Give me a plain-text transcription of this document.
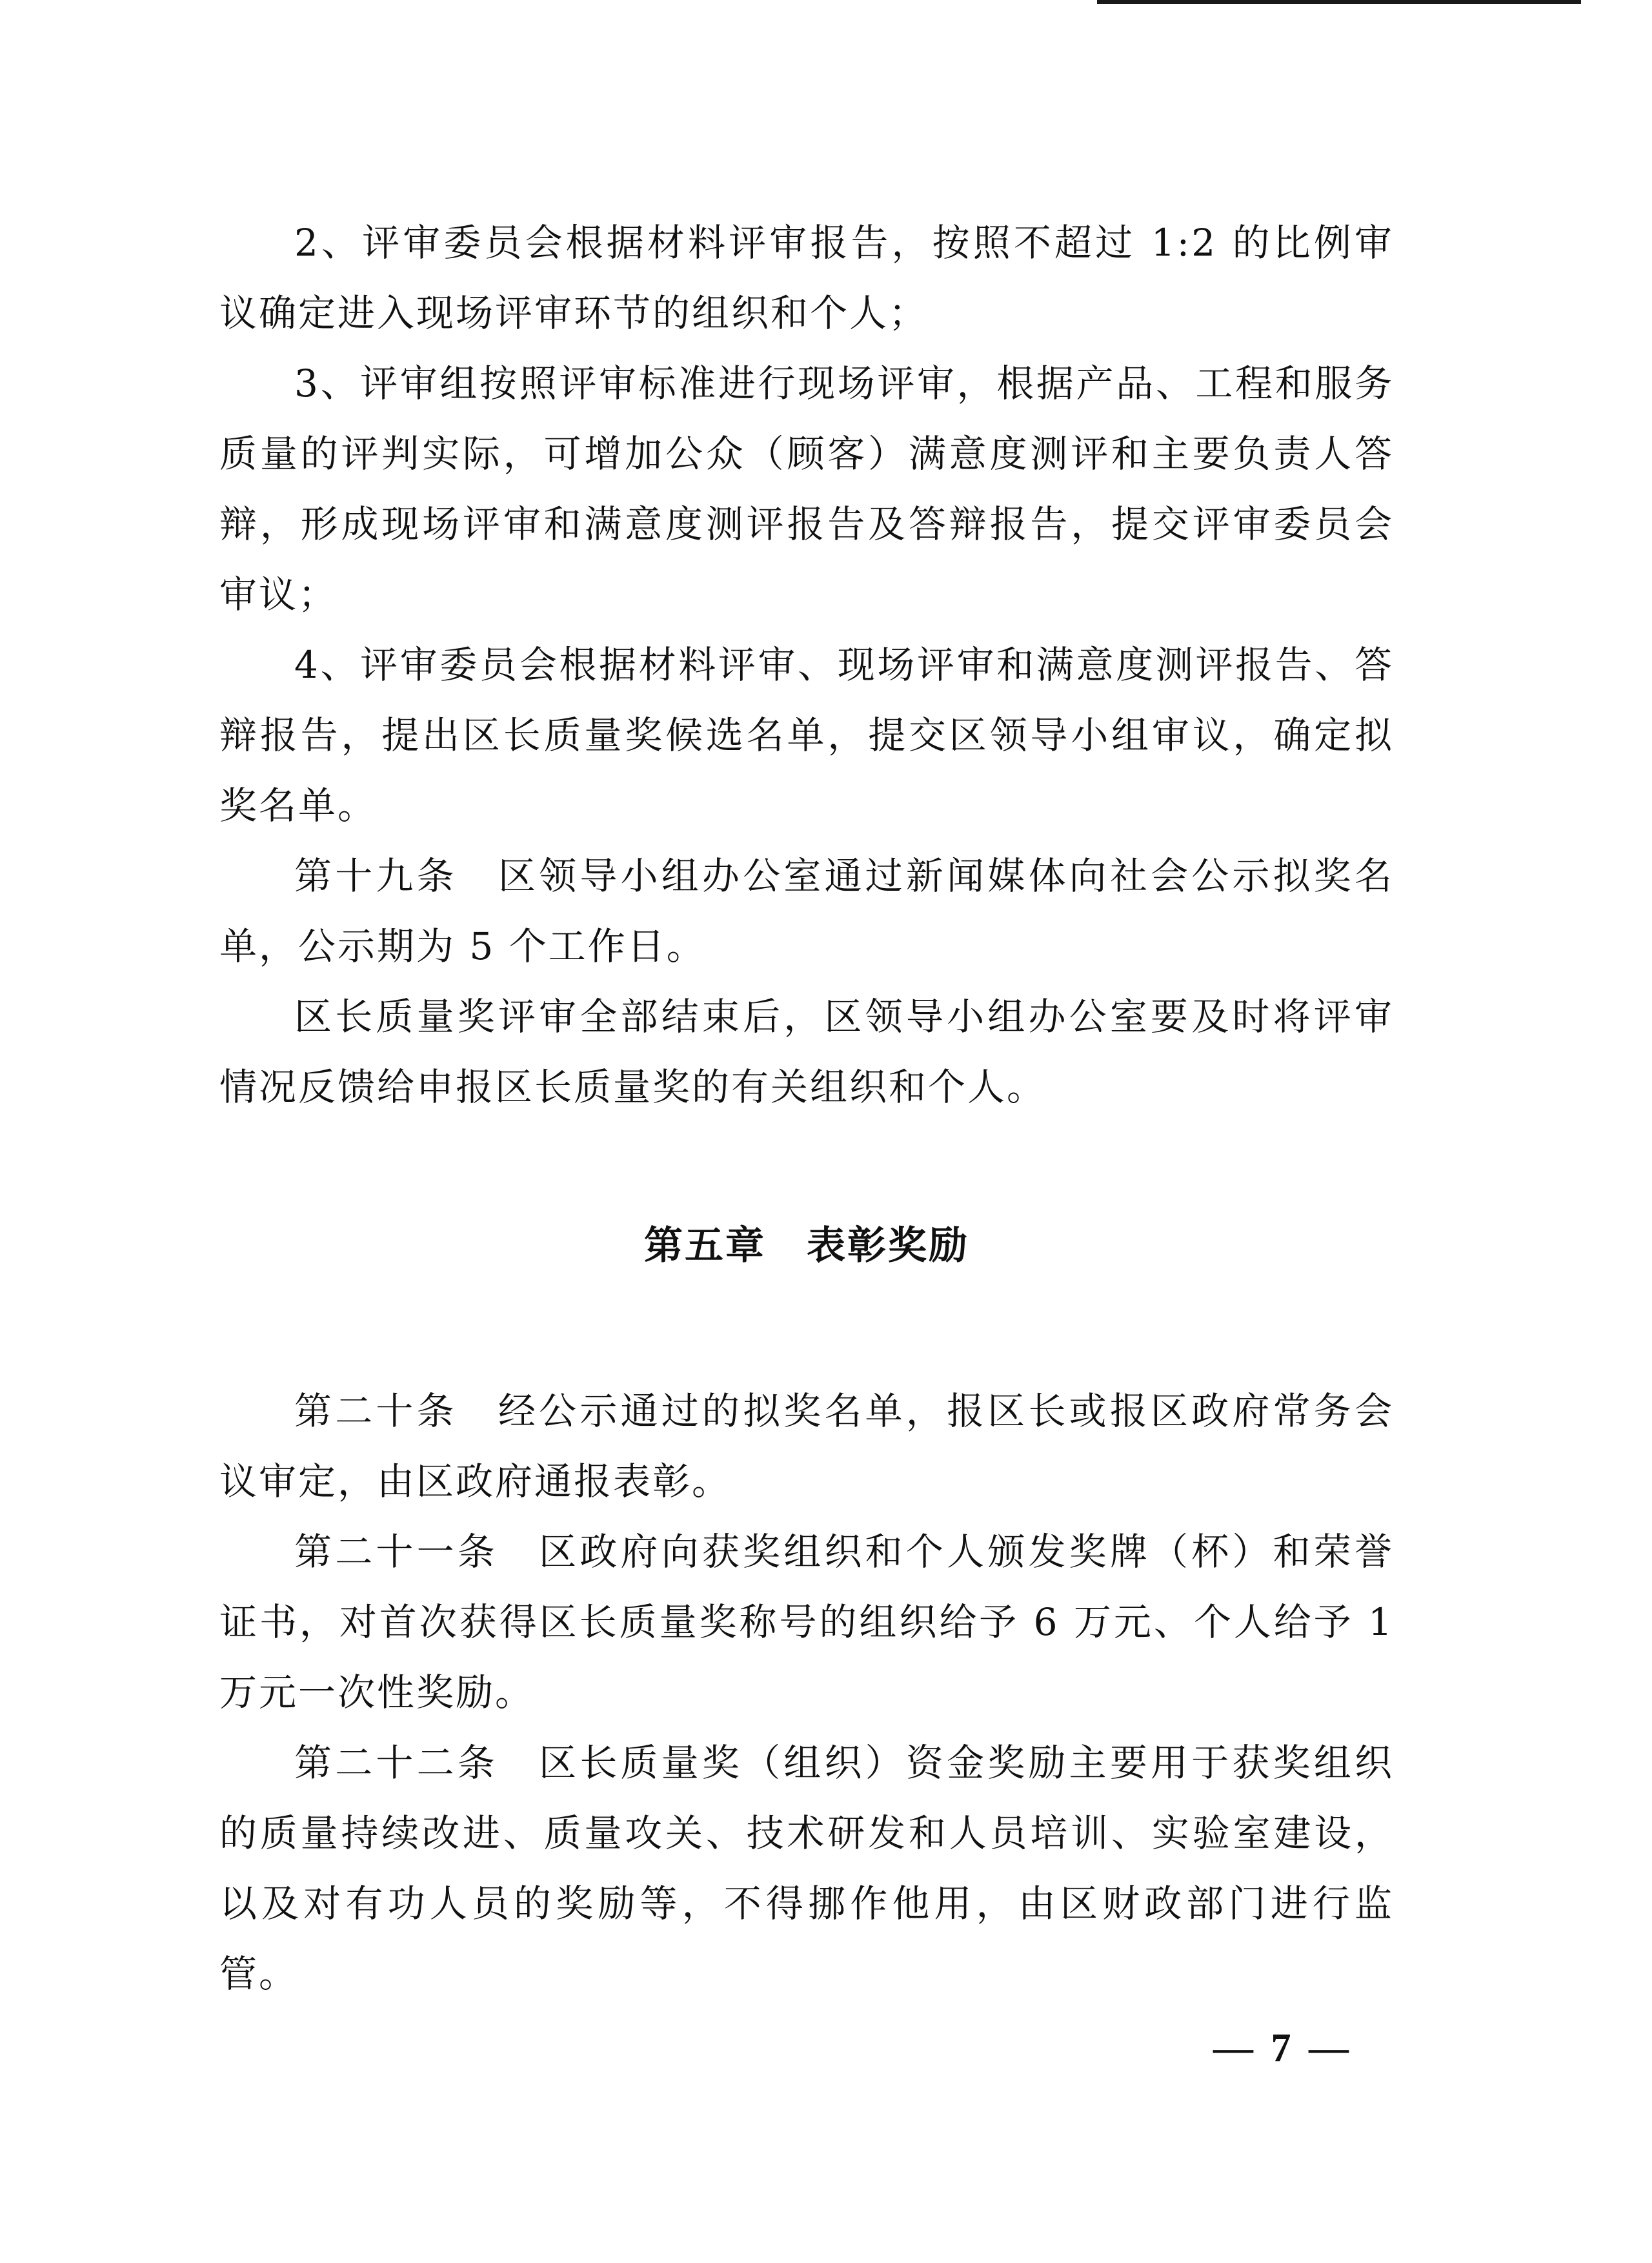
2、评审委员会根据材料评审报告，按照不超过 1:2 的比例审议确定进入现场评审环节的组织和个人；

3、评审组按照评审标准进行现场评审，根据产品、工程和服务质量的评判实际，可增加公众（顾客）满意度测评和主要负责人答辩，形成现场评审和满意度测评报告及答辩报告，提交评审委员会审议；

4、评审委员会根据材料评审、现场评审和满意度测评报告、答辩报告，提出区长质量奖候选名单，提交区领导小组审议，确定拟奖名单。

第十九条　区领导小组办公室通过新闻媒体向社会公示拟奖名单，公示期为 5 个工作日。

区长质量奖评审全部结束后，区领导小组办公室要及时将评审情况反馈给申报区长质量奖的有关组织和个人。

第五章　表彰奖励

第二十条　经公示通过的拟奖名单，报区长或报区政府常务会议审定，由区政府通报表彰。

第二十一条　区政府向获奖组织和个人颁发奖牌（杯）和荣誉证书，对首次获得区长质量奖称号的组织给予 6 万元、个人给予 1 万元一次性奖励。

第二十二条　区长质量奖（组织）资金奖励主要用于获奖组织的质量持续改进、质量攻关、技术研发和人员培训、实验室建设，以及对有功人员的奖励等，不得挪作他用，由区财政部门进行监管。

— 7 —
